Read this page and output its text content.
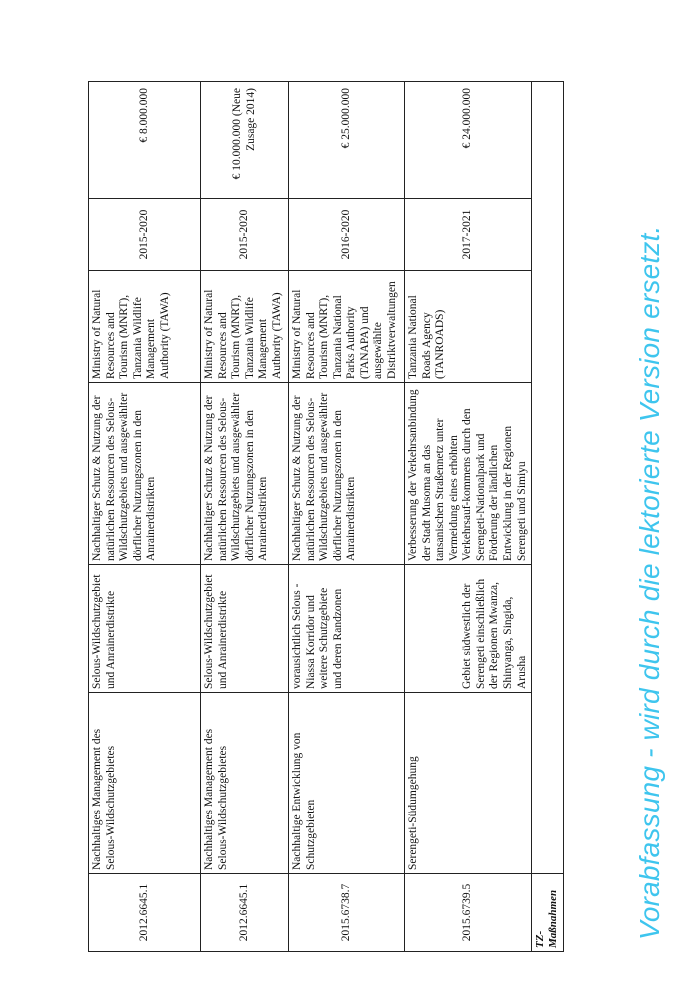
2012.6645.1	Nachhaltiges Management des Selous-Wildschutzgebietes	Selous-Wildschutzgebiet und Anrainerdistrikte	Nachhaltiger Schutz & Nutzung der natürlichen Ressourcen des Selous-Wildschutzgebiets und ausgewählter dörflicher Nutzungszonen in den Anrainerdistrikten	Ministry of Natural Resources and Tourism (MNRT), Tanzania Wildlife Management Authority (TAWA)	2015-2020	€ 8.000.000
2012.6645.1	Nachhaltiges Management des Selous-Wildschutzgebietes	Selous-Wildschutzgebiet und Anrainerdistrikte	Nachhaltiger Schutz & Nutzung der natürlichen Ressourcen des Selous-Wildschutzgebiets und ausgewählter dörflicher Nutzungszonen in den Anrainerdistrikten	Ministry of Natural Resources and Tourism (MNRT), Tanzania Wildlife Management Authority (TAWA)	2015-2020	€ 10.000.000 (Neue Zusage 2014)
2015.6738.7	Nachhaltige Entwicklung von Schutzgebieten	vorausichtlich Selous - Niassa Korridor und weitere Schutzgebiete und deren Randzonen	Nachhaltiger Schutz & Nutzung der natürlichen Ressourcen des Selous-Wildschutzgebiets und ausgewählter dörflicher Nutzungszonen in den Anrainerdistrikten	Ministry of Natural Resources and Tourism (MNRT), Tanzania National Parks Authority (TANAPA) und ausgewählte Distriktverwaltungen	2016-2020	€ 25.000.000
2015.6739.5	Serengeti-Südumgehung	Gebiet südwestlich der Serengeti einschließlich der Regionen Mwanza, Shinyanga, Singida, Arusha	Verbesserung der Verkehrsanbindung der Stadt Musoma an das tansanischen Straßennetz unter Vermeidung eines erhöhten Verkehrsauf-kommens durch den Serengeti-Nationalpark und Förderung der ländlichen Entwicklung in der Regionen Serengeti und Simiyu	Tanzania National Roads Agency (TANROADS)	2017-2021	€ 24.000.000
TZ-Maßnahmen							Vorabfassung - wird durch die lektorierte Version ersetzt.
